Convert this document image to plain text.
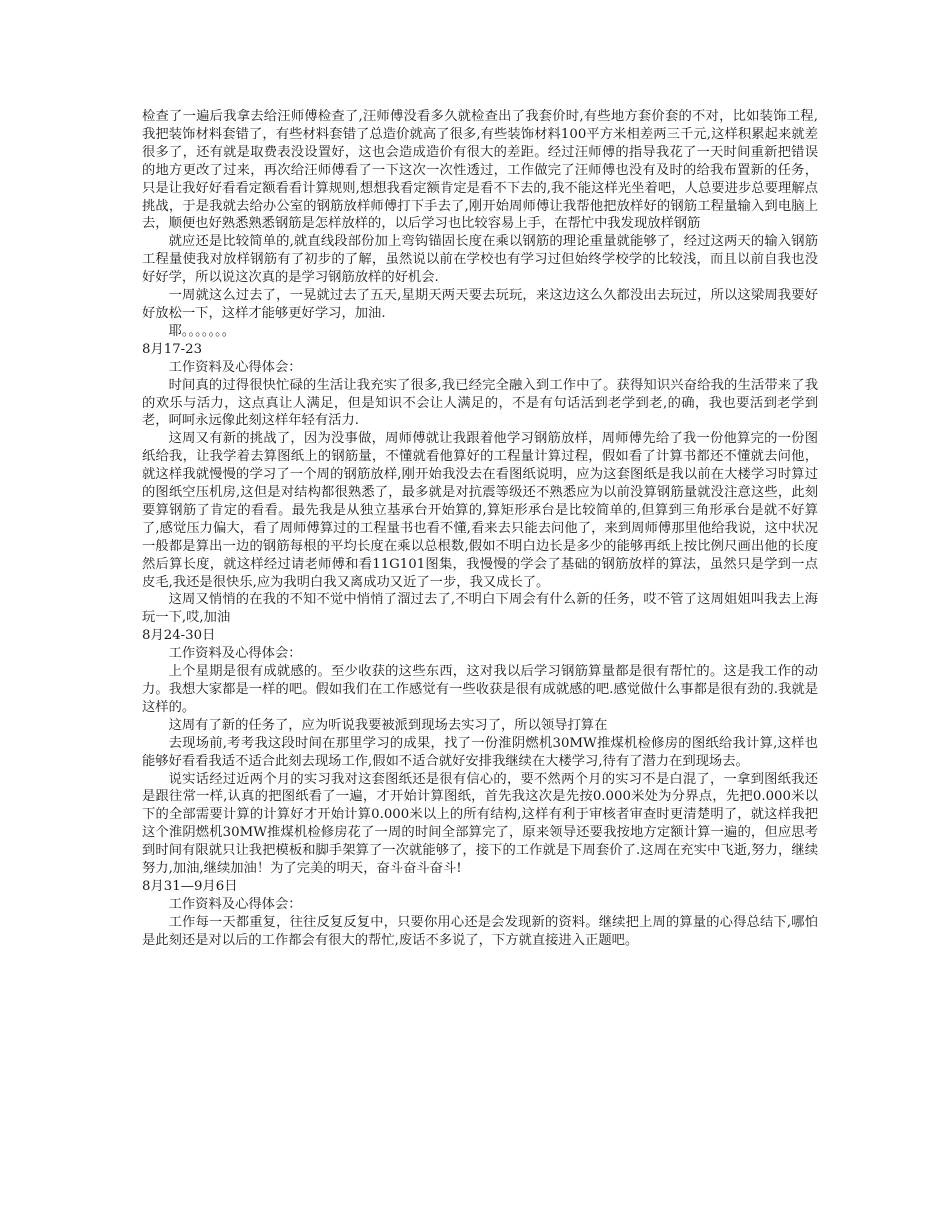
检查了一遍后我拿去给汪师傅检查了,汪师傅没看多久就检查出了我套价时,有些地方套价套的不对，比如装饰工程,我把装饰材料套错了，有些材料套错了总造价就高了很多,有些装饰材料100平方米相差两三千元,这样积累起来就差很多了，还有就是取费表没设置好，这也会造成造价有很大的差距。经过汪师傅的指导我花了一天时间重新把错误的地方更改了过来，再次给汪师傅看了一下这次一次性透过，工作做完了汪师傅也没有及时的给我布置新的任务，只是让我好好看看定额看看计算规则,想想我看定额肯定是看不下去的,我不能这样光坐着吧，人总要进步总要理解点挑战，于是我就去给办公室的钢筋放样师傅打下手去了,刚开始周师傅让我帮他把放样好的钢筋工程量输入到电脑上去，顺便也好熟悉熟悉钢筋是怎样放样的，以后学习也比较容易上手，在帮忙中我发现放样钢筋

就应还是比较简单的,就直线段部份加上弯钩锚固长度在乘以钢筋的理论重量就能够了，经过这两天的输入钢筋工程量使我对放样钢筋有了初步的了解，虽然说以前在学校也有学习过但始终学校学的比较浅，而且以前自我也没好好学，所以说这次真的是学习钢筋放样的好机会.

一周就这么过去了，一晃就过去了五天,星期天两天要去玩玩，来这边这么久都没出去玩过，所以这梁周我要好好放松一下，这样才能够更好学习，加油.

耶。。。。。。。

8月17-23

工作资料及心得体会：

时间真的过得很快忙碌的生活让我充实了很多,我已经完全融入到工作中了。获得知识兴奋给我的生活带来了我的欢乐与活力，这点真让人满足，但是知识不会让人满足的，不是有句话活到老学到老,的确，我也要活到老学到老，呵呵永远像此刻这样年轻有活力.

这周又有新的挑战了，因为没事做，周师傅就让我跟着他学习钢筋放样，周师傅先给了我一份他算完的一份图纸给我，让我学着去算图纸上的钢筋量，不懂就看他算好的工程量计算过程，假如看了计算书都还不懂就去问他，就这样我就慢慢的学习了一个周的钢筋放样,刚开始我没去在看图纸说明，应为这套图纸是我以前在大楼学习时算过的图纸空压机房,这但是对结构都很熟悉了，最多就是对抗震等级还不熟悉应为以前没算钢筋量就没注意这些，此刻要算钢筋了肯定的看看。最先我是从独立基承台开始算的,算矩形承台是比较简单的,但算到三角形承台是就不好算了,感觉压力偏大，看了周师傅算过的工程量书也看不懂,看来去只能去问他了，来到周师傅那里他给我说，这中状况一般都是算出一边的钢筋每根的平均长度在乘以总根数,假如不明白边长是多少的能够再纸上按比例尺画出他的长度然后算长度，就这样经过请老师傅和看11G101图集，我慢慢的学会了基础的钢筋放样的算法，虽然只是学到一点皮毛,我还是很快乐,应为我明白我又离成功又近了一步，我又成长了。

这周又悄悄的在我的不知不觉中悄悄了溜过去了,不明白下周会有什么新的任务，哎不管了这周姐姐叫我去上海玩一下,哎,加油

8月24-30日

工作资料及心得体会：

上个星期是很有成就感的。至少收获的这些东西，这对我以后学习钢筋算量都是很有帮忙的。这是我工作的动力。我想大家都是一样的吧。假如我们在工作感觉有一些收获是很有成就感的吧.感觉做什么事都是很有劲的.我就是这样的。

这周有了新的任务了，应为听说我要被派到现场去实习了，所以领导打算在

去现场前,考考我这段时间在那里学习的成果，找了一份淮阴燃机30MW推煤机检修房的图纸给我计算,这样也能够好看看我适不适合此刻去现场工作,假如不适合就好安排我继续在大楼学习,待有了潜力在到现场去。

说实话经过近两个月的实习我对这套图纸还是很有信心的，要不然两个月的实习不是白混了，一拿到图纸我还是跟往常一样,认真的把图纸看了一遍，才开始计算图纸，首先我这次是先按0.000米处为分界点，先把0.000米以下的全部需要计算的计算好才开始计算0.000米以上的所有结构,这样有利于审核者审查时更清楚明了，就这样我把这个淮阴燃机30MW推煤机检修房花了一周的时间全部算完了，原来领导还要我按地方定额计算一遍的，但应思考到时间有限就只让我把模板和脚手架算了一次就能够了，接下的工作就是下周套价了.这周在充实中飞逝,努力，继续努力,加油,继续加油！为了完美的明天，奋斗奋斗奋斗!

8月31—9月6日

工作资料及心得体会：

工作每一天都重复，往往反复反复中，只要你用心还是会发现新的资料。继续把上周的算量的心得总结下,哪怕是此刻还是对以后的工作都会有很大的帮忙,废话不多说了，下方就直接进入正题吧。
